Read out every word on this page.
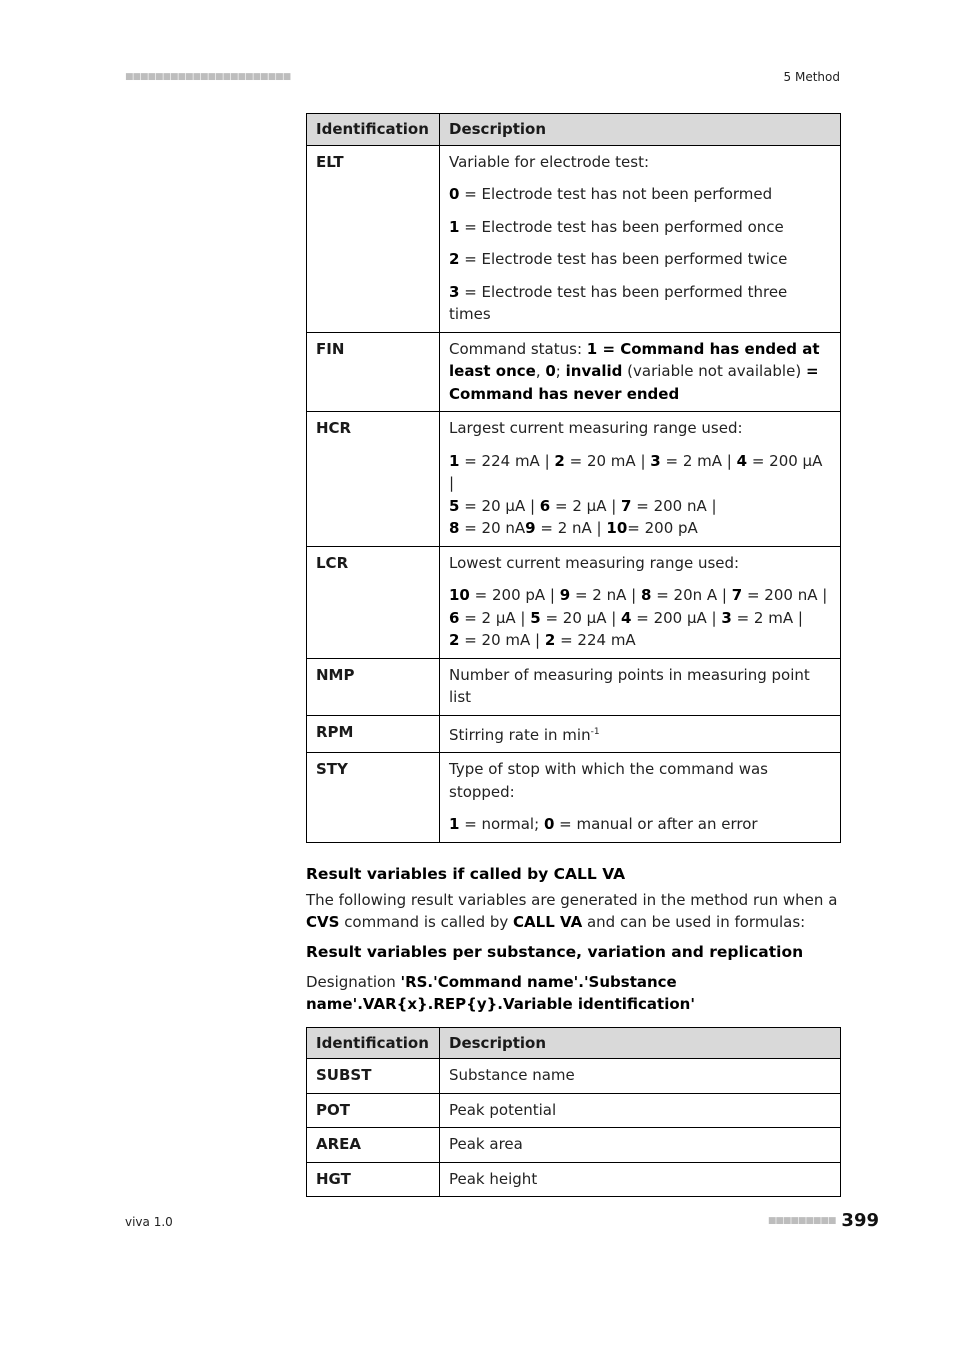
■■■■■■■■■■■■■■■■■■■■■■	5 Method
Identification	Description
ELT	Variable for electrode test:

0 = Electrode test has not been performed

1 = Electrode test has been performed once

2 = Electrode test has been performed twice

3 = Electrode test has been performed three times

FIN	Command status: 1 = Command has ended at least once, 0; invalid (variable not available) = Command has never ended

HCR	Largest current measuring range used:

1 = 224 mA | 2 = 20 mA | 3 = 2 mA | 4 = 200 µA |
5 = 20 µA | 6 = 2 µA | 7 = 200 nA |
8 = 20 nA9 = 2 nA | 10= 200 pA

LCR	Lowest current measuring range used:

10 = 200 pA | 9 = 2 nA | 8 = 20n A | 7 = 200 nA |
6 = 2 µA | 5 = 20 µA | 4 = 200 µA | 3 = 2 mA |
2 = 20 mA | 2 = 224 mA

NMP	Number of measuring points in measuring point list
RPM	Stirring rate in $\min^{-1}$
STY	Type of stop with which the command was stopped:

1 = normal; 0 = manual or after an error

Result variables if called by CALL VA

The following result variables are generated in the method run when a CVS command is called by CALL VA and can be used in formulas:

Result variables per substance, variation and replication

Designation 'RS.'Command name'.'Substance name'.VAR{x}.REP{y}.Variable identification'

Identification	Description
SUBST	Substance name
POT	Peak potential
AREA	Peak area
HGT	Peak height
viva 1.0	■■■■■■■■■ 399
